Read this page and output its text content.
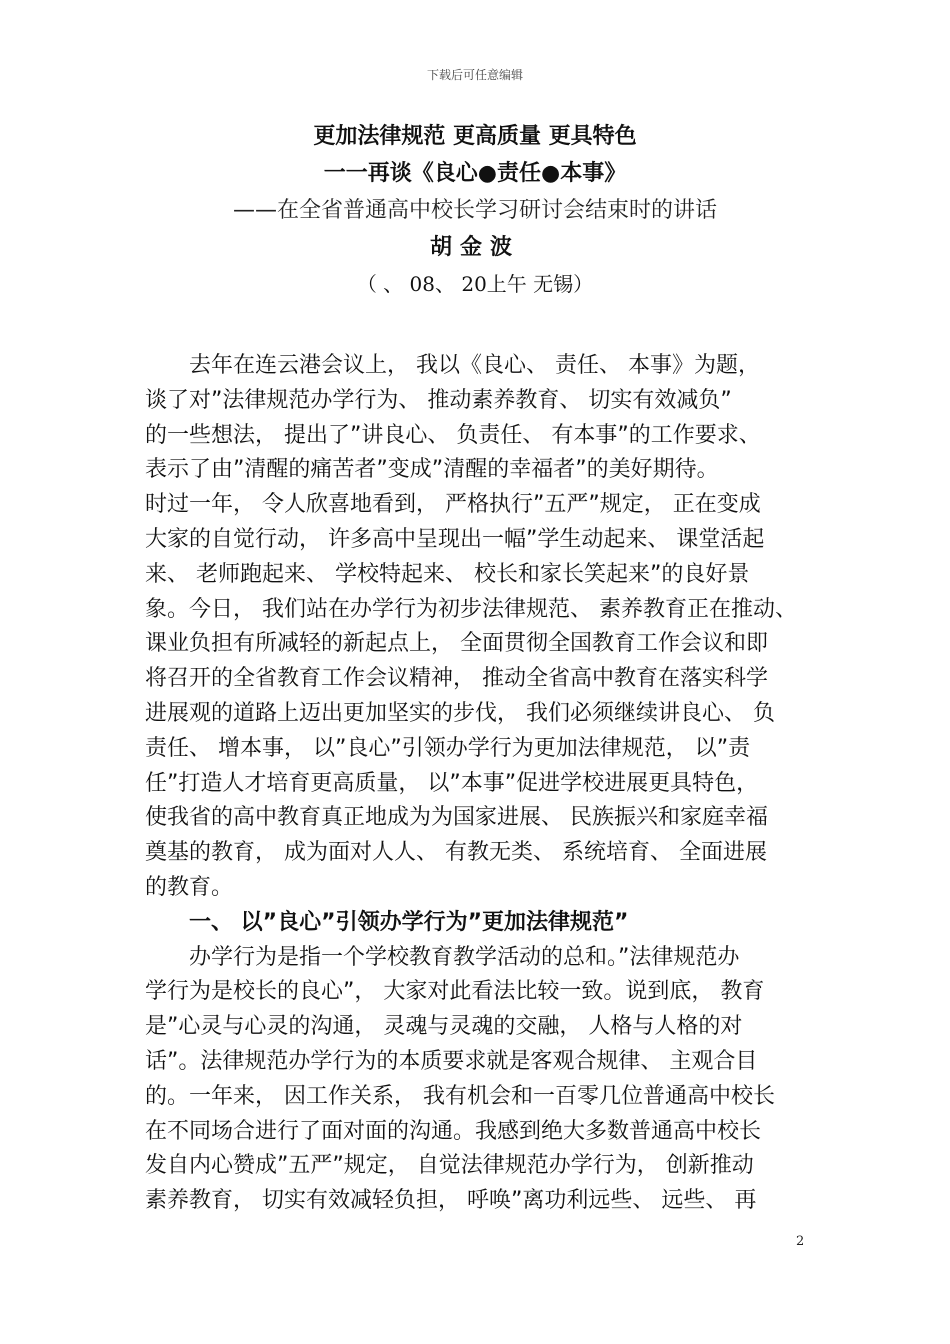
下载后可任意编辑
更加法律规范 更高质量 更具特色
一一再谈《良心●责任●本事》
——在全省普通高中校长学习研讨会结束时的讲话
胡金波
（ 、 08、 20上午 无锡）
　　去年在连云港会议上， 我以《良心、 责任、 本事》为题，
谈了对”法律规范办学行为、 推动素养教育、 切实有效减负”
的一些想法， 提出了”讲良心、 负责任、 有本事”的工作要求、
表示了由”清醒的痛苦者”变成”清醒的幸福者”的美好期待。
时过一年， 令人欣喜地看到， 严格执行”五严”规定， 正在变成
大家的自觉行动， 许多高中呈现出一幅”学生动起来、 课堂活起
来、 老师跑起来、 学校特起来、 校长和家长笑起来”的良好景
象。今日， 我们站在办学行为初步法律规范、 素养教育正在推动、
课业负担有所减轻的新起点上， 全面贯彻全国教育工作会议和即
将召开的全省教育工作会议精神， 推动全省高中教育在落实科学
进展观的道路上迈出更加坚实的步伐， 我们必须继续讲良心、 负
责任、 增本事， 以”良心”引领办学行为更加法律规范， 以”责
任”打造人才培育更高质量， 以”本事”促进学校进展更具特色，
使我省的高中教育真正地成为为国家进展、 民族振兴和家庭幸福
奠基的教育， 成为面对人人、 有教无类、 系统培育、 全面进展
的教育。
　　一、 以”良心”引领办学行为”更加法律规范”
　　办学行为是指一个学校教育教学活动的总和。”法律规范办
学行为是校长的良心”， 大家对此看法比较一致。说到底， 教育
是”心灵与心灵的沟通， 灵魂与灵魂的交融， 人格与人格的对
话”。法律规范办学行为的本质要求就是客观合规律、 主观合目
的。一年来， 因工作关系， 我有机会和一百零几位普通高中校长
在不同场合进行了面对面的沟通。我感到绝大多数普通高中校长
发自内心赞成”五严”规定， 自觉法律规范办学行为， 创新推动
素养教育， 切实有效减轻负担， 呼唤”离功利远些、 远些、 再
2
